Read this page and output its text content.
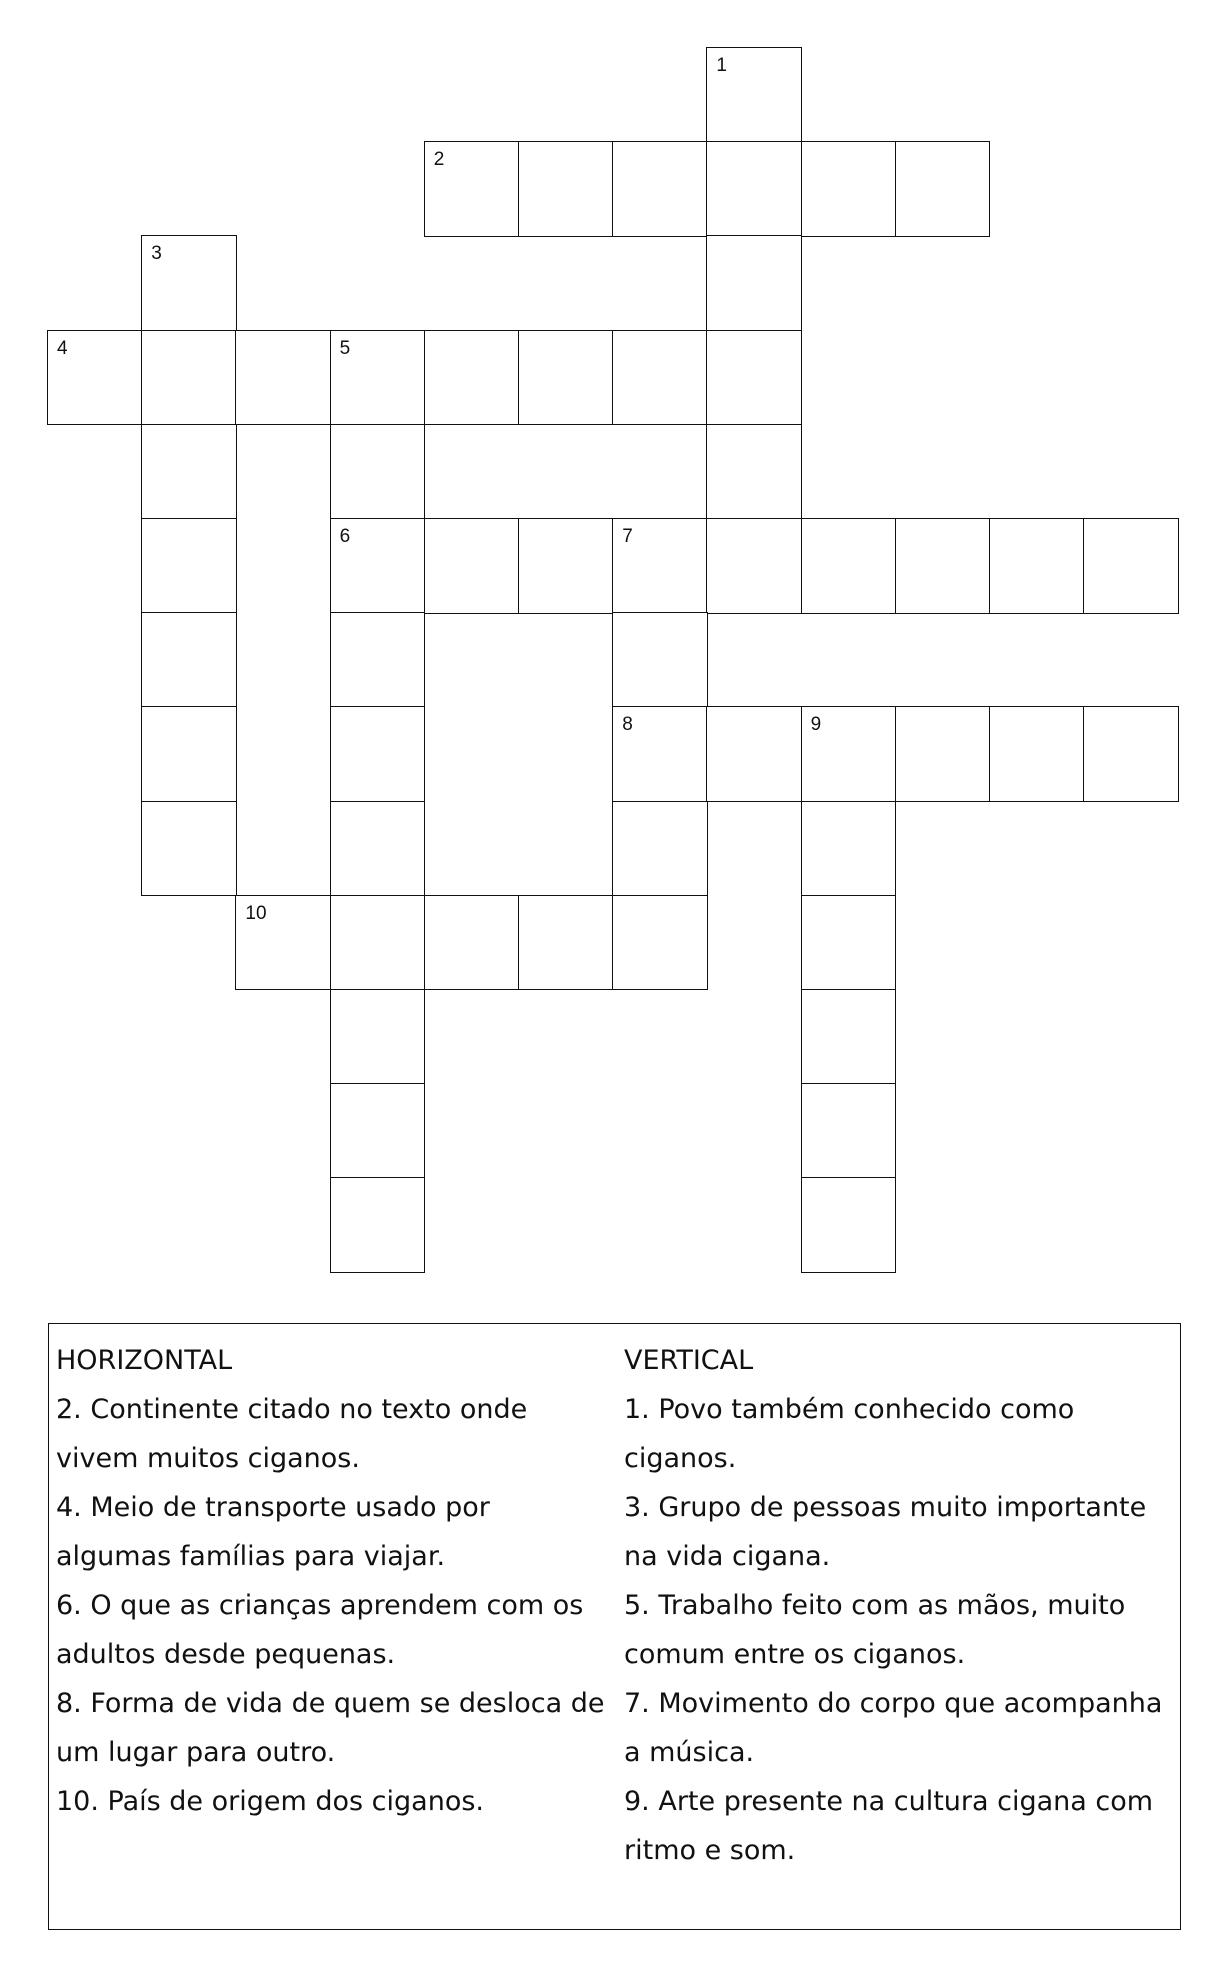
1
2
3
4	5
6	7
8	9
10

HORIZONTAL

2. Continente citado no texto onde

vivem muitos ciganos.

4. Meio de transporte usado por

algumas famílias para viajar.

6. O que as crianças aprendem com os

adultos desde pequenas.

8. Forma de vida de quem se desloca de

um lugar para outro.

10. País de origem dos ciganos.

VERTICAL

1. Povo também conhecido como

ciganos.

3. Grupo de pessoas muito importante

na vida cigana.

5. Trabalho feito com as mãos, muito

comum entre os ciganos.

7. Movimento do corpo que acompanha

a música.

9. Arte presente na cultura cigana com

ritmo e som.
